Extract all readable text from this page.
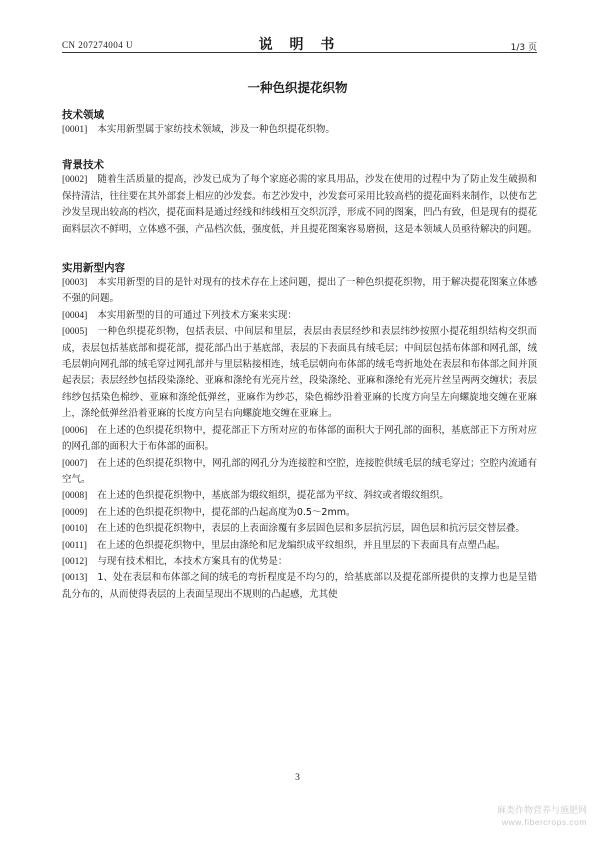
CN 207274004 U	说 明 书	1/3 页
一种色织提花织物
技术领域

[0001] 本实用新型属于家纺技术领域，涉及一种色织提花织物。

背景技术

[0002] 随着生活质量的提高，沙发已成为了每个家庭必需的家具用品，沙发在使用的过程中为了防止发生破损和保持清洁，往往要在其外部套上相应的沙发套。布艺沙发中，沙发套可采用比较高档的提花面料来制作，以使布艺沙发呈现出较高的档次，提花面料是通过经线和纬线相互交织沉浮，形成不同的图案，凹凸有致，但是现有的提花面料层次不鲜明，立体感不强，产品档次低，强度低，并且提花图案容易磨损，这是本领域人员亟待解决的问题。

实用新型内容

[0003] 本实用新型的目的是针对现有的技术存在上述问题，提出了一种色织提花织物，用于解决提花图案立体感不强的问题。

[0004] 本实用新型的目的可通过下列技术方案来实现：

[0005] 一种色织提花织物，包括表层、中间层和里层，表层由表层经纱和表层纬纱按照小提花组织结构交织而成，表层包括基底部和提花部，提花部凸出于基底部，表层的下表面具有绒毛层；中间层包括布体部和网孔部，绒毛层朝向网孔部的绒毛穿过网孔部并与里层粘接相连，绒毛层朝向布体部的绒毛弯折地处在表层和布体部之间并顶起表层；表层经纱包括段染涤纶、亚麻和涤纶有光亮片丝，段染涤纶、亚麻和涤纶有光亮片丝呈两两交缠状；表层纬纱包括染色棉纱、亚麻和涤纶低弹丝，亚麻作为纱芯，染色棉纱沿着亚麻的长度方向呈左向螺旋地交缠在亚麻上，涤纶低弹丝沿着亚麻的长度方向呈右向螺旋地交缠在亚麻上。

[0006] 在上述的色织提花织物中，提花部正下方所对应的布体部的面积大于网孔部的面积，基底部正下方所对应的网孔部的面积大于布体部的面积。

[0007] 在上述的色织提花织物中，网孔部的网孔分为连接腔和空腔，连接腔供绒毛层的绒毛穿过；空腔内流通有空气。

[0008] 在上述的色织提花织物中，基底部为缎纹组织，提花部为平纹、斜纹或者缎纹组织。

[0009] 在上述的色织提花织物中，提花部的凸起高度为0.5～2mm。

[0010] 在上述的色织提花织物中，表层的上表面涂覆有多层固色层和多层抗污层，固色层和抗污层交替层叠。

[0011] 在上述的色织提花织物中，里层由涤纶和尼龙编织成平纹组织，并且里层的下表面具有点塑凸起。

[0012] 与现有技术相比，本技术方案具有的优势是：

[0013] 1、处在表层和布体部之间的绒毛的弯折程度是不均匀的，给基底部以及提花部所提供的支撑力也是呈错乱分布的，从而使得表层的上表面呈现出不规则的凸起感，尤其使

3
麻类作物营养与施肥网
www.fibercrops.com
